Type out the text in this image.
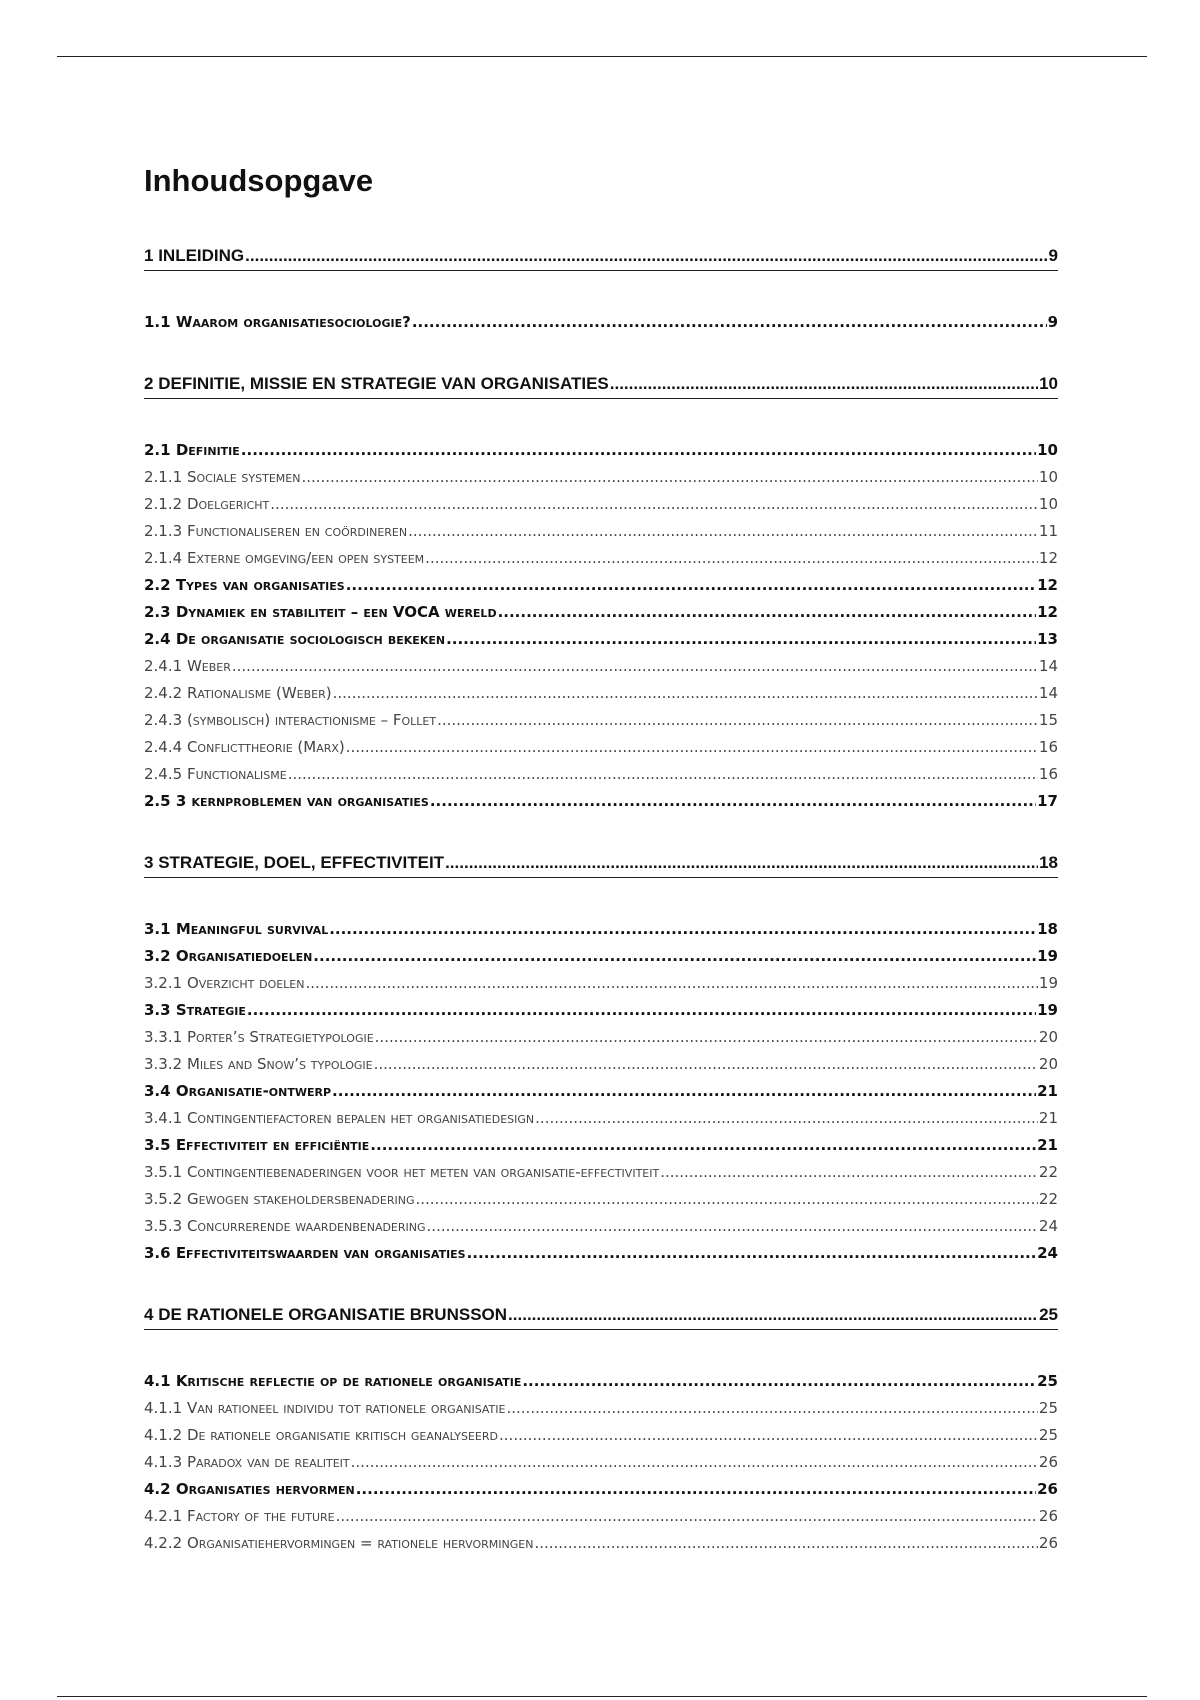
Inhoudsopgave
1 INLEIDING .....	9
1.1 Waarom organisatiesociologie? .....	9
2 DEFINITIE, MISSIE EN STRATEGIE VAN ORGANISATIES .....	10
2.1 Definitie .....	10
2.1.1 Sociale systemen .....	10
2.1.2 Doelgericht .....	10
2.1.3 Functionaliseren en coördineren .....	11
2.1.4 Externe omgeving/een open systeem .....	12
2.2 Types van organisaties .....	12
2.3 Dynamiek en stabiliteit – een VOCA wereld .....	12
2.4 De organisatie sociologisch bekeken .....	13
2.4.1 Weber .....	14
2.4.2 Rationalisme (Weber) .....	14
2.4.3 (symbolisch) interactionisme – Follet .....	15
2.4.4 Conflicttheorie (Marx) .....	16
2.4.5 Functionalisme .....	16
2.5 3 kernproblemen van organisaties .....	17
3 STRATEGIE, DOEL, EFFECTIVITEIT .....	18
3.1 Meaningful survival .....	18
3.2 Organisatiedoelen .....	19
3.2.1 Overzicht doelen .....	19
3.3 Strategie .....	19
3.3.1 Porter’s Strategietypologie .....	20
3.3.2 Miles and Snow’s typologie .....	20
3.4 Organisatie-ontwerp .....	21
3.4.1 Contingentiefactoren bepalen het organisatiedesign .....	21
3.5 Effectiviteit en efficiëntie .....	21
3.5.1 Contingentiebenaderingen voor het meten van organisatie-effectiviteit .....	22
3.5.2 Gewogen stakeholdersbenadering .....	22
3.5.3 Concurrerende waardenbenadering .....	24
3.6 Effectiviteitswaarden van organisaties .....	24
4 DE RATIONELE ORGANISATIE BRUNSSON .....	25
4.1 Kritische reflectie op de rationele organisatie .....	25
4.1.1 Van rationeel individu tot rationele organisatie .....	25
4.1.2 De rationele organisatie kritisch geanalyseerd .....	25
4.1.3 Paradox van de realiteit .....	26
4.2 Organisaties hervormen .....	26
4.2.1 Factory of the future .....	26
4.2.2 Organisatiehervormingen = rationele hervormingen .....	26
